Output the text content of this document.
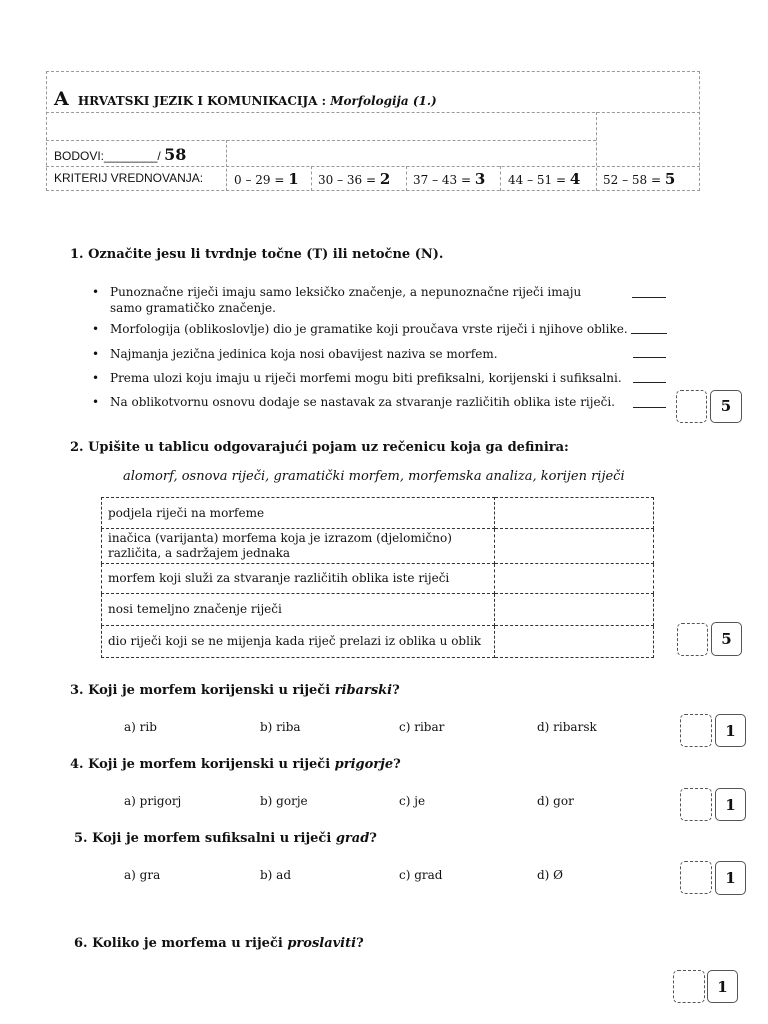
A HRVATSKI JEZIK I KOMUNIKACIJA : Morfologija (1.)
BODOVI:________/ 58
KRITERIJ VREDNOVANJA:	0 – 29 = 1 30 – 36 = 2 37 – 43 = 3 44 – 51 = 4 52 – 58 = 5
1. Označite jesu li tvrdnje točne (T) ili netočne (N).
• Punoznačne riječi imaju samo leksičko značenje, a nepunoznačne riječi imaju samo gramatičko značenje.
• Morfologija (oblikoslovlje) dio je gramatike koji proučava vrste riječi i njihove oblike.
• Najmanja jezična jedinica koja nosi obavijest naziva se morfem.
• Prema ulozi koju imaju u riječi morfemi mogu biti prefiksalni, korijenski i sufiksalni.
• Na oblikotvornu osnovu dodaje se nastavak za stvaranje različitih oblika iste riječi.	5
2. Upišite u tablicu odgovarajući pojam uz rečenicu koja ga definira:
alomorf, osnova riječi, gramatički morfem, morfemska analiza, korijen riječi
podjela riječi na morfeme	
inačica (varijanta) morfema koja je izrazom (djelomično) različita, a sadržajem jednaka	
morfem koji služi za stvaranje različitih oblika iste riječi	
nosi temeljno značenje riječi	
dio riječi koji se ne mijenja kada riječ prelazi iz oblika u oblik		5
3. Koji je morfem korijenski u riječi ribarski?
a) rib	b) riba	c) ribar	d) ribarsk	1
4. Koji je morfem korijenski u riječi prigorje?
a) prigorj	b) gorje	c) je	d) gor	1
5. Koji je morfem sufiksalni u riječi grad?
a) gra	b) ad	c) grad	d) Ø	1
6. Koliko je morfema u riječi proslaviti?
1
